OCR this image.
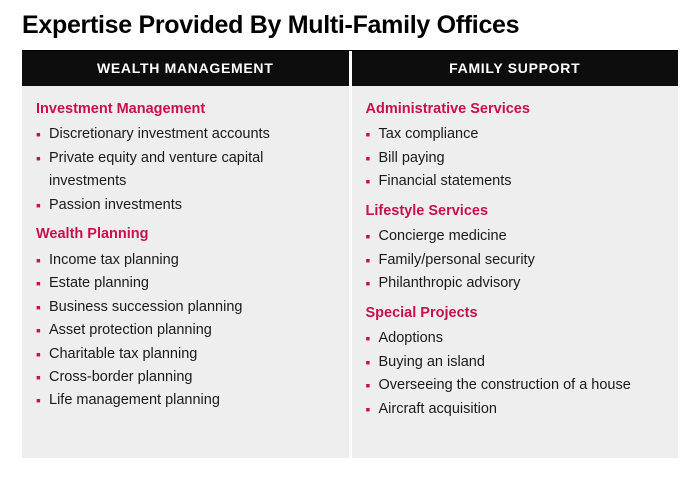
Expertise Provided By Multi-Family Offices
WEALTH MANAGEMENT
Investment Management
▪ Discretionary investment accounts
▪ Private equity and venture capital investments
▪ Passion investments
Wealth Planning
▪ Income tax planning
▪ Estate planning
▪ Business succession planning
▪ Asset protection planning
▪ Charitable tax planning
▪ Cross-border planning
▪ Life management planning
FAMILY SUPPORT
Administrative Services
▪ Tax compliance
▪ Bill paying
▪ Financial statements
Lifestyle Services
▪ Concierge medicine
▪ Family/personal security
▪ Philanthropic advisory
Special Projects
▪ Adoptions
▪ Buying an island
▪ Overseeing the construction of a house
▪ Aircraft acquisition
